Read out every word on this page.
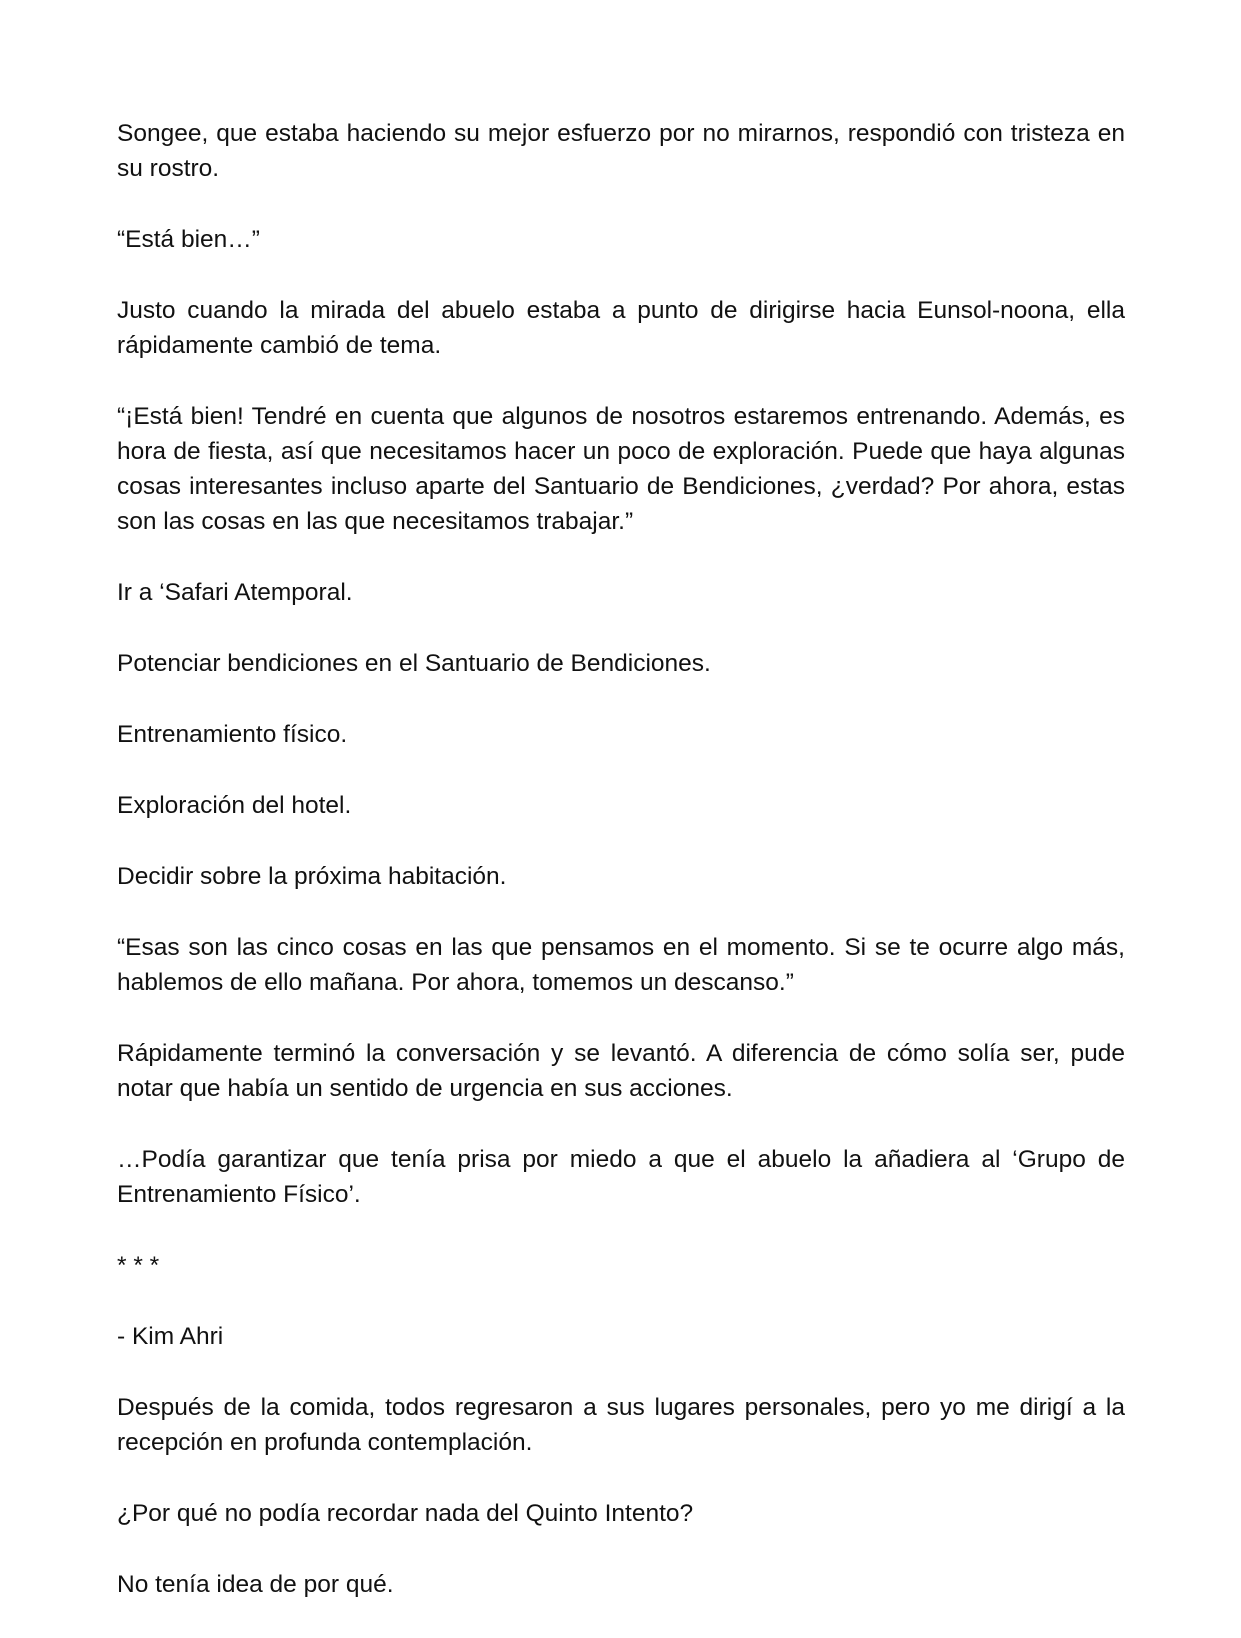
Songee, que estaba haciendo su mejor esfuerzo por no mirarnos, respondió con tristeza en su rostro.

“Está bien…”

Justo cuando la mirada del abuelo estaba a punto de dirigirse hacia Eunsol-noona, ella rápidamente cambió de tema.

“¡Está bien! Tendré en cuenta que algunos de nosotros estaremos entrenando. Además, es hora de fiesta, así que necesitamos hacer un poco de exploración. Puede que haya algunas cosas interesantes incluso aparte del Santuario de Bendiciones, ¿verdad? Por ahora, estas son las cosas en las que necesitamos trabajar.”

Ir a ‘Safari Atemporal.

Potenciar bendiciones en el Santuario de Bendiciones.

Entrenamiento físico.

Exploración del hotel.

Decidir sobre la próxima habitación.

“Esas son las cinco cosas en las que pensamos en el momento. Si se te ocurre algo más, hablemos de ello mañana. Por ahora, tomemos un descanso.”

Rápidamente terminó la conversación y se levantó. A diferencia de cómo solía ser, pude notar que había un sentido de urgencia en sus acciones.

…Podía garantizar que tenía prisa por miedo a que el abuelo la añadiera al ‘Grupo de Entrenamiento Físico’.

* * *

- Kim Ahri

Después de la comida, todos regresaron a sus lugares personales, pero yo me dirigí a la recepción en profunda contemplación.

¿Por qué no podía recordar nada del Quinto Intento?

No tenía idea de por qué.
